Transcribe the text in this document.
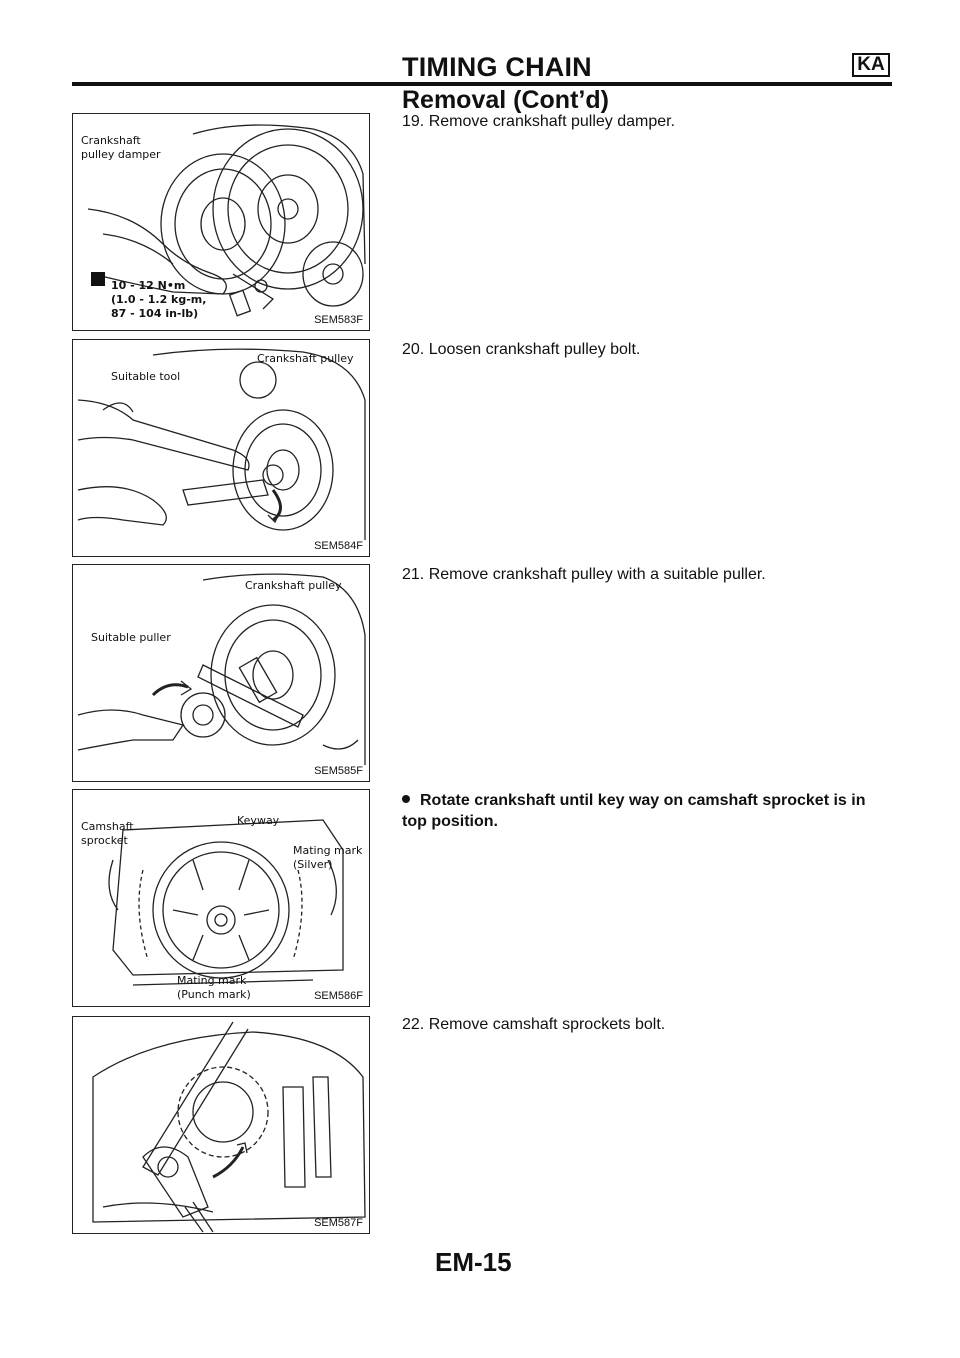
TIMING CHAIN	KA
Removal (Cont’d)
Crankshaft
pulley damper
10 - 12 N•m
(1.0 - 1.2 kg-m,
87 - 104 in-lb)	SEM583F
Suitable tool
Crankshaft pulley
SEM584F
Suitable puller
Crankshaft pulley
SEM585F
Camshaft
sprocket
Keyway
Mating mark
(Silver)
Mating mark
(Punch mark)	SEM586F
SEM587F
19. Remove crankshaft pulley damper.
20. Loosen crankshaft pulley bolt.
21. Remove crankshaft pulley with a suitable puller.
Rotate crankshaft until key way on camshaft sprocket is in top position.
22. Remove camshaft sprockets bolt.
EM-15
